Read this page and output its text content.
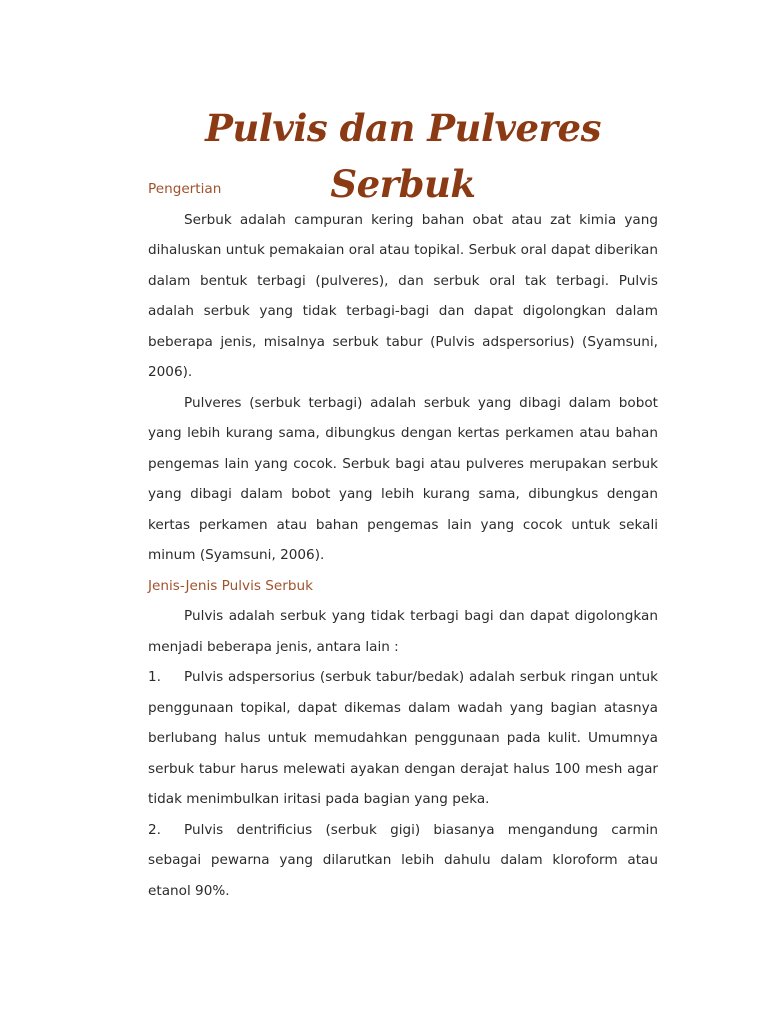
Pulvis dan Pulveres Serbuk

Pengertian

Serbuk adalah campuran kering bahan obat atau zat kimia yang dihaluskan untuk pemakaian oral atau topikal. Serbuk oral dapat diberikan dalam bentuk terbagi (pulveres), dan serbuk oral tak terbagi. Pulvis adalah serbuk yang tidak terbagi-bagi dan dapat digolongkan dalam beberapa jenis, misalnya serbuk tabur (Pulvis adspersorius) (Syamsuni, 2006).

Pulveres (serbuk terbagi) adalah serbuk yang dibagi dalam bobot yang lebih kurang sama, dibungkus dengan kertas perkamen atau bahan pengemas lain yang cocok. Serbuk bagi atau pulveres merupakan serbuk yang dibagi dalam bobot yang lebih kurang sama, dibungkus dengan kertas perkamen atau bahan pengemas lain yang cocok untuk sekali minum (Syamsuni, 2006).

Jenis-Jenis Pulvis Serbuk

Pulvis adalah serbuk yang tidak terbagi bagi dan dapat digolongkan menjadi beberapa jenis, antara lain :

1. Pulvis adspersorius (serbuk tabur/bedak) adalah serbuk ringan untuk penggunaan topikal, dapat dikemas dalam wadah yang bagian atasnya berlubang halus untuk memudahkan penggunaan pada kulit. Umumnya serbuk tabur harus melewati ayakan dengan derajat halus 100 mesh agar tidak menimbulkan iritasi pada bagian yang peka.

2. Pulvis dentrificius (serbuk gigi) biasanya mengandung carmin sebagai pewarna yang dilarutkan lebih dahulu dalam kloroform atau etanol 90%.
